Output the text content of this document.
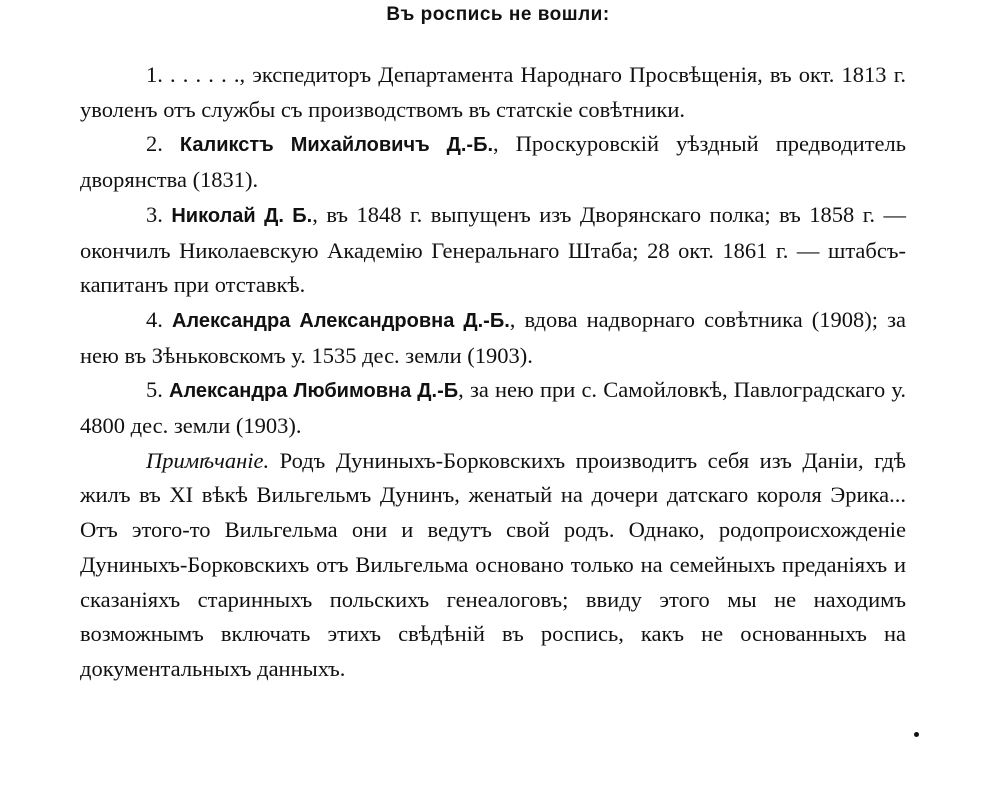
Въ роспись не вошли:

1. . . . . . ., экспедиторъ Департамента Народнаго Просвѣщенія, въ окт. 1813 г. уволенъ отъ службы съ производствомъ въ статскіе совѣтники.

2. Каликстъ Михайловичъ Д.-Б., Проскуровскій уѣздный предводитель дворянства (1831).

3. Николай Д. Б., въ 1848 г. выпущенъ изъ Дворянскаго полка; въ 1858 г. — окончилъ Николаевскую Академію Генеральнаго Штаба; 28 окт. 1861 г. — штабсъ-капитанъ при отставкѣ.

4. Александра Александровна Д.-Б., вдова надворнаго совѣтника (1908); за нею въ Зѣньковскомъ у. 1535 дес. земли (1903).

5. Александра Любимовна Д.-Б, за нею при с. Самойловкѣ, Павлоградскаго у. 4800 дес. земли (1903).

Примѣчаніе. Родъ Дуниныхъ-Борковскихъ производитъ себя изъ Даніи, гдѣ жилъ въ XI вѣкѣ Вильгельмъ Дунинъ, женатый на дочери датскаго короля Эрика... Отъ этого-то Вильгельма они и ведутъ свой родъ. Однако, родопроисхожденіе Дуниныхъ-Борковскихъ отъ Вильгельма основано только на семейныхъ преданіяхъ и сказаніяхъ старинныхъ польскихъ генеалоговъ; ввиду этого мы не находимъ возможнымъ включать этихъ свѣдѣній въ роспись, какъ не основанныхъ на документальныхъ данныхъ.
